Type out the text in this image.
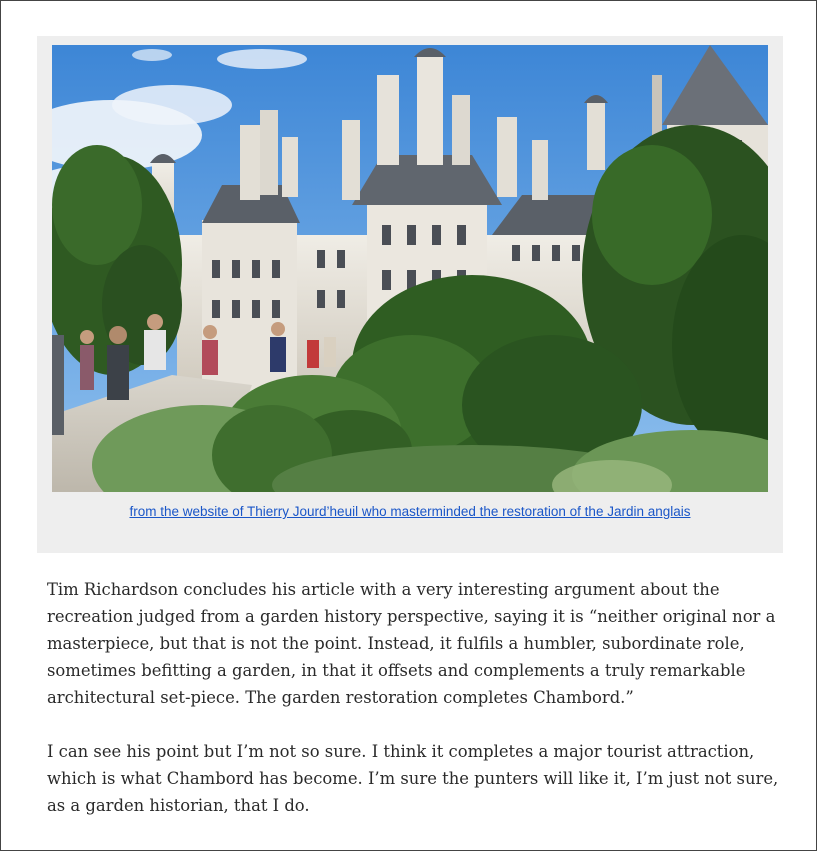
from the website of Thierry Jourd’heuil who masterminded the restoration of the Jardin anglais

Tim Richardson concludes his article with a very interesting argument about the recreation judged from a garden history perspective, saying it is “neither original nor a masterpiece, but that is not the point. Instead, it fulfils a humbler, subordinate role, sometimes befitting a garden, in that it offsets and complements a truly remarkable architectural set-piece. The garden restoration completes Chambord.”

I can see his point but I’m not so sure. I think it completes a major tourist attraction, which is what Chambord has become. I’m sure the punters will like it, I’m just not sure, as a garden historian, that I do.
